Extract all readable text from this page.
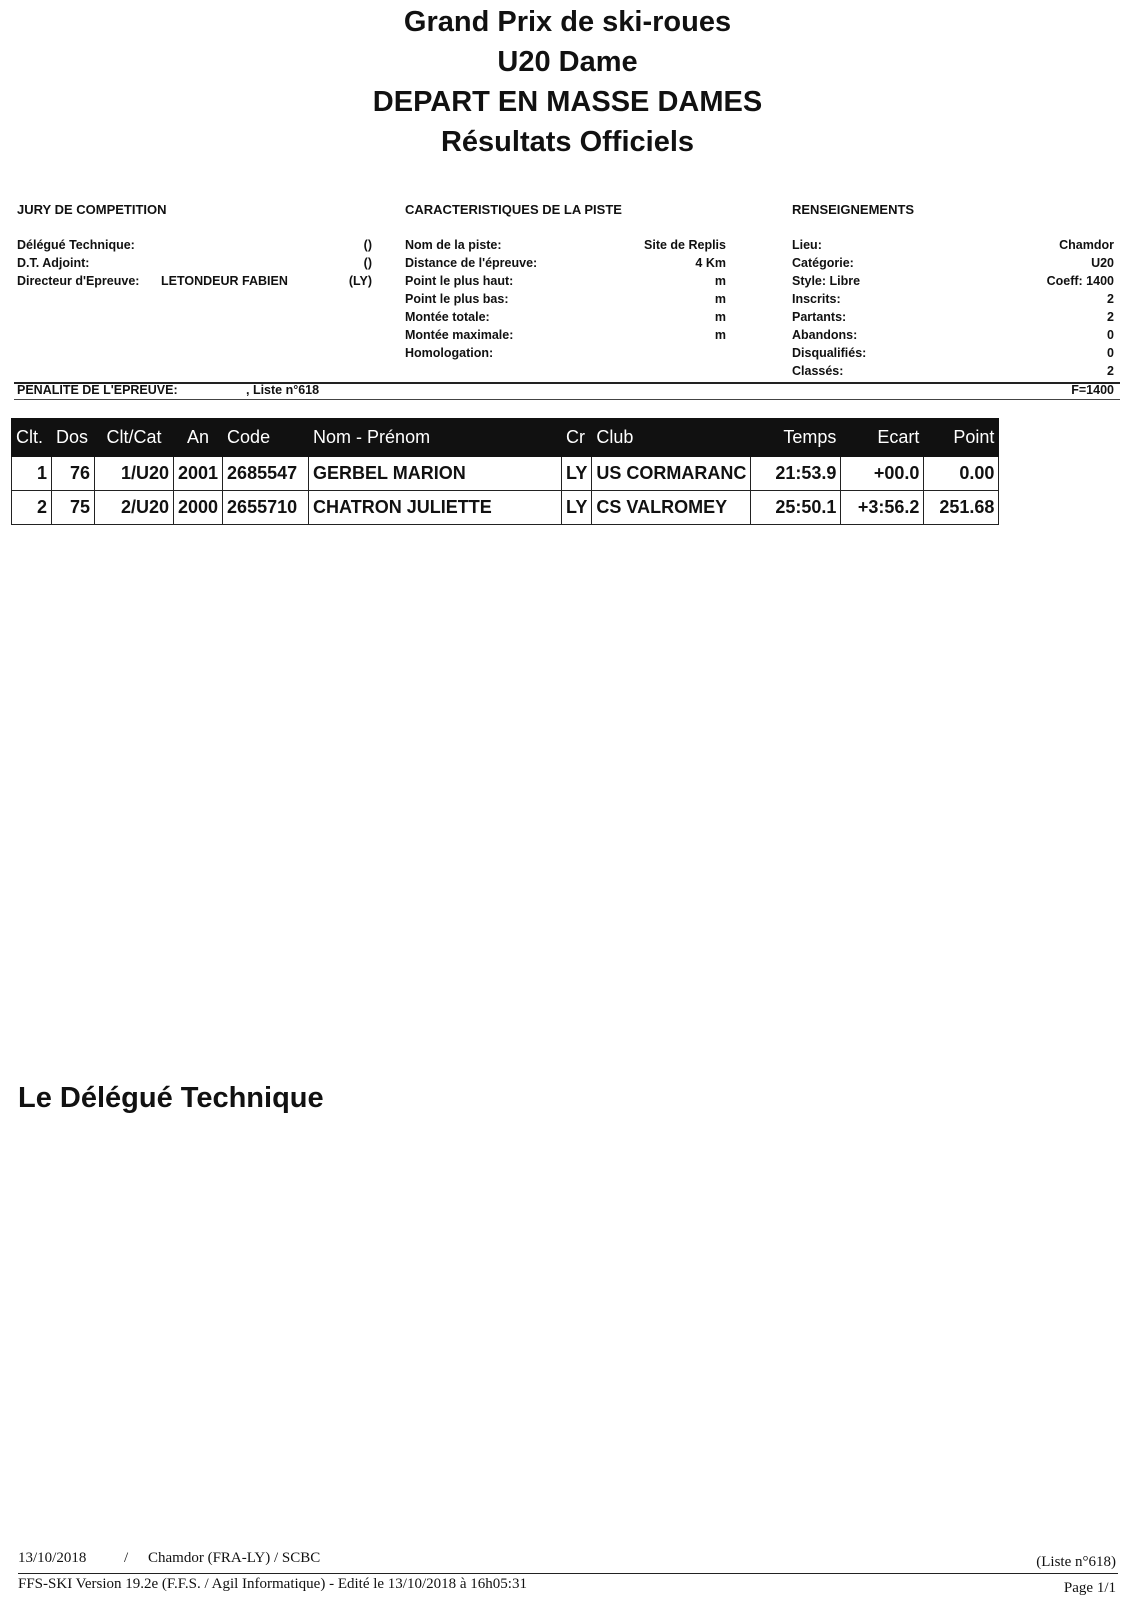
Grand Prix de ski-roues
U20 Dame
DEPART EN MASSE DAMES
Résultats Officiels
JURY DE COMPETITION	CARACTERISTIQUES DE LA PISTE	RENSEIGNEMENTS
Délégué Technique:	()
D.T. Adjoint:	()
Directeur d'Epreuve: LETONDEUR FABIEN	(LY)
Nom de la piste:	Site de Replis
Distance de l'épreuve:	4 Km
Point le plus haut:	m
Point le plus bas:	m
Montée totale:	m
Montée maximale:	m
Homologation:
Lieu:	Chamdor
Catégorie:	U20
Style: Libre	Coeff: 1400
Inscrits:	2
Partants:	2
Abandons:	0
Disqualifiés:	0
Classés:	2
PENALITE DE L'EPREUVE:	, Liste n°618	F=1400
Clt.	Dos	Clt/Cat	An	Code	Nom - Prénom	Cr	Club	Temps	Ecart	Point
1	76	1/U20	2001	2685547	GERBEL MARION	LY	US CORMARANC	21:53.9	+00.0	0.00
2	75	2/U20	2000	2655710	CHATRON JULIETTE	LY	CS VALROMEY	25:50.1	+3:56.2	251.68
Le Délégué Technique
13/10/2018	/ Chamdor (FRA-LY) / SCBC	(Liste n°618)
FFS-SKI Version 19.2e (F.F.S. / Agil Informatique) - Edité le 13/10/2018 à 16h05:31	Page 1/1
